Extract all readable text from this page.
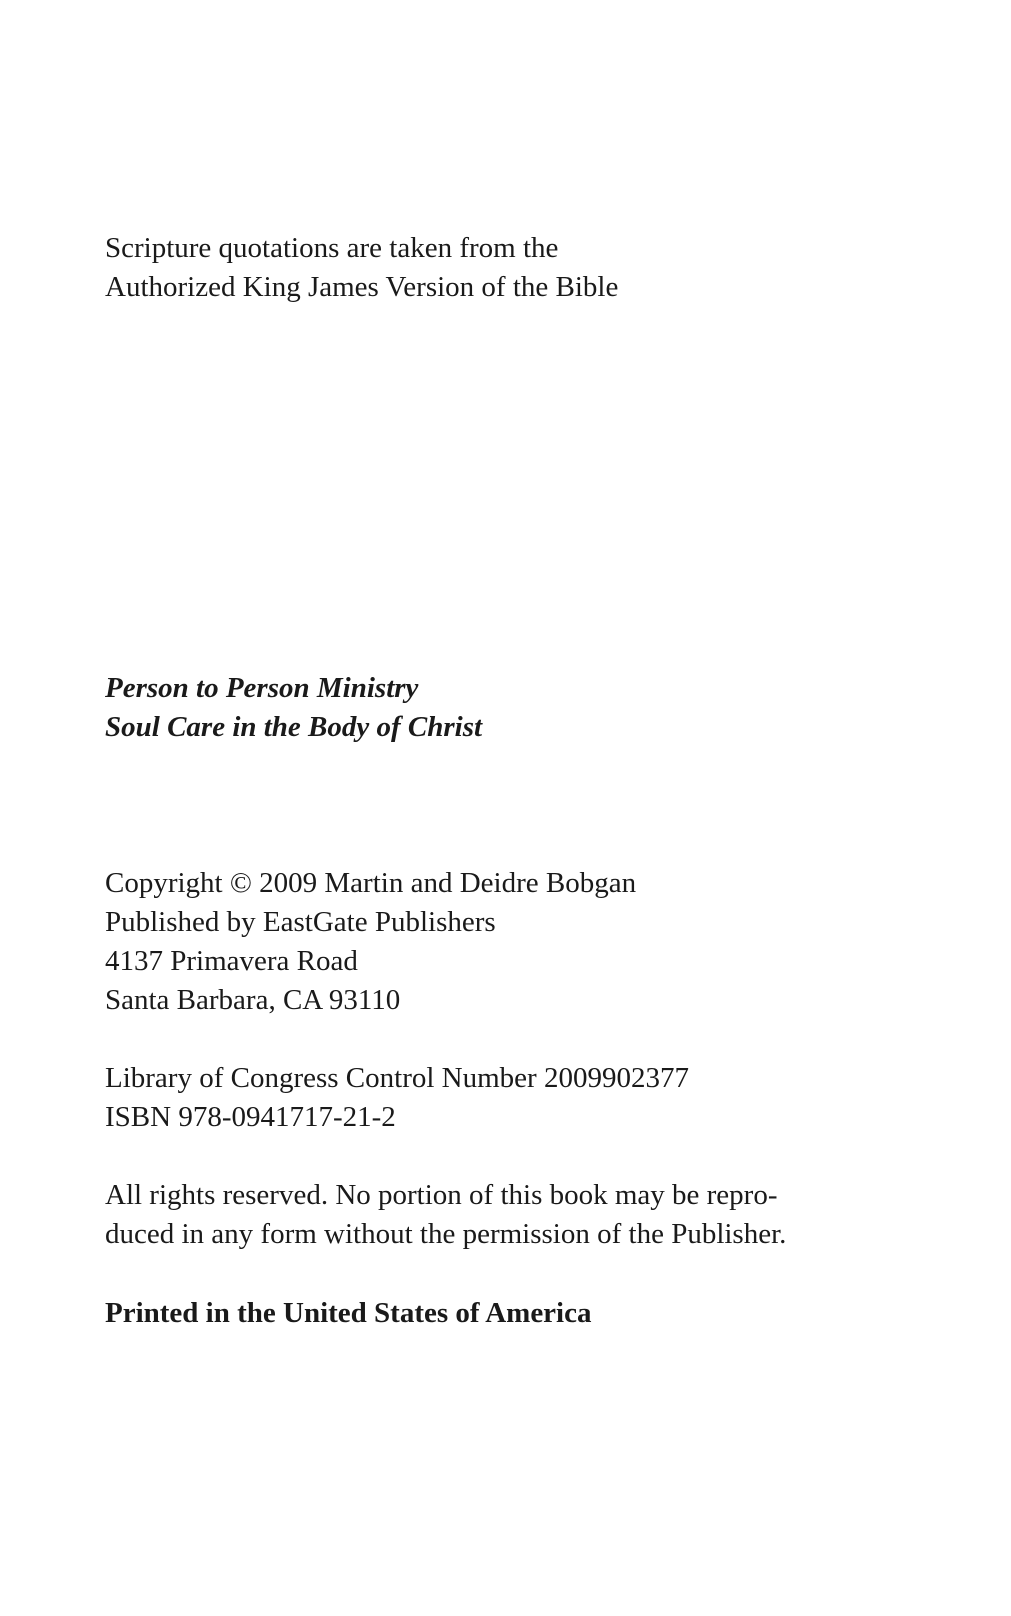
Scripture quotations are taken from the
Authorized King James Version of the Bible
Person to Person Ministry
Soul Care in the Body of Christ
Copyright © 2009 Martin and Deidre Bobgan
Published by EastGate Publishers
4137 Primavera Road
Santa Barbara, CA 93110
Library of Congress Control Number 2009902377
ISBN 978-0941717-21-2
All rights reserved. No portion of this book may be repro-
duced in any form without the permission of the Publisher.
Printed in the United States of America
